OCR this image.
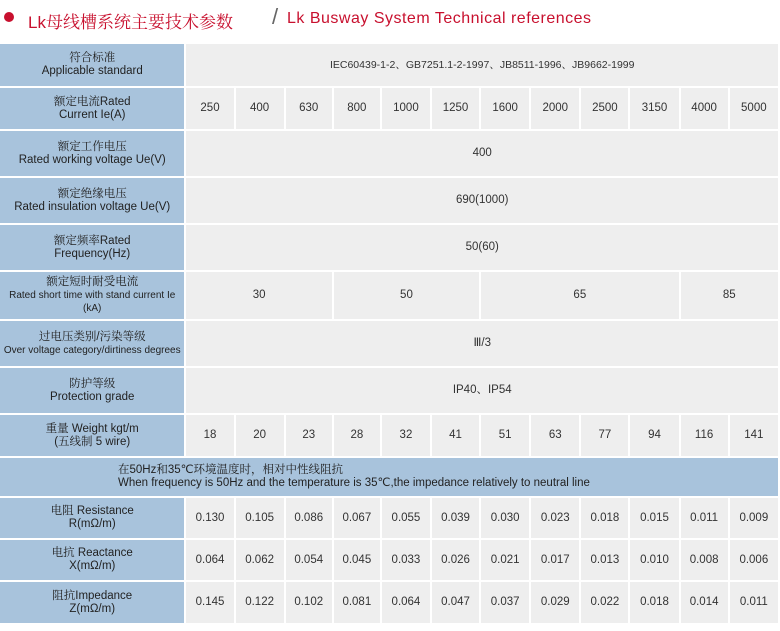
Lk母线槽系统主要技术参数 / Lk Busway System Technical references
符合标准
Applicable standard	IEC60439-1-2、GB7251.1-2-1997、JB8511-1996、JB9662-1999											

额定电流Rated
Current Ie(A)	250	400	630	800	1000	1250	1600	2000	2500	3150	4000	5000

额定工作电压
Rated working voltage Ue(V)	400											

额定绝缘电压
Rated insulation voltage Ue(V)	690(1000)											

额定频率Rated
Frequency(Hz)	50(60)											

额定短时耐受电流
Rated short time with stand current Ie (kA)	30			50			65				85	

过电压类别/污染等级
Over voltage category/dirtiness degrees	Ⅲ/3											

防护等级
Protection grade	IP40、IP54											

重量 Weight kgt/m
(五线制 5 wire)	18	20	23	28	32	41	51	63	77	94	116	141

在50Hz和35℃环境温度时，相对中性线阻抗
When frequency is 50Hz and the temperature is 35℃,the impedance relatively to neutral line												

电阻 Resistance
R(mΩ/m)	0.130	0.105	0.086	0.067	0.055	0.039	0.030	0.023	0.018	0.015	0.011	0.009

电抗 Reactance
X(mΩ/m)	0.064	0.062	0.054	0.045	0.033	0.026	0.021	0.017	0.013	0.010	0.008	0.006

阻抗Impedance
Z(mΩ/m)	0.145	0.122	0.102	0.081	0.064	0.047	0.037	0.029	0.022	0.018	0.014	0.011
